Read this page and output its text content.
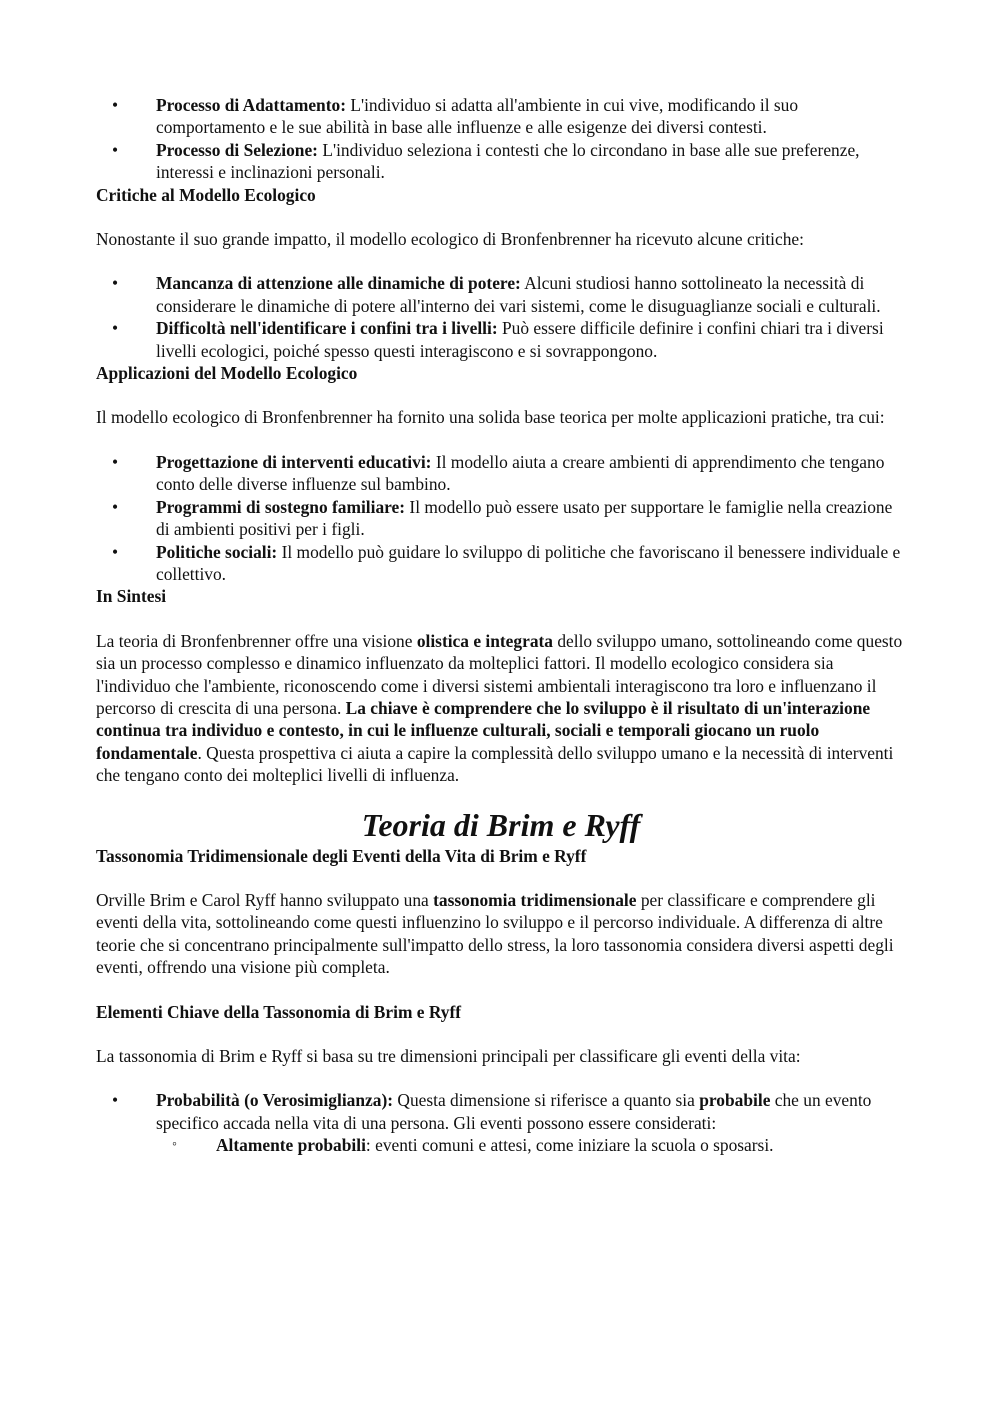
• Processo di Adattamento: L'individuo si adatta all'ambiente in cui vive, modificando il suo comportamento e le sue abilità in base alle influenze e alle esigenze dei diversi contesti.
• Processo di Selezione: L'individuo seleziona i contesti che lo circondano in base alle sue preferenze, interessi e inclinazioni personali.

Critiche al Modello Ecologico

Nonostante il suo grande impatto, il modello ecologico di Bronfenbrenner ha ricevuto alcune critiche:

• Mancanza di attenzione alle dinamiche di potere: Alcuni studiosi hanno sottolineato la necessità di considerare le dinamiche di potere all'interno dei vari sistemi, come le disuguaglianze sociali e culturali.
• Difficoltà nell'identificare i confini tra i livelli: Può essere difficile definire i confini chiari tra i diversi livelli ecologici, poiché spesso questi interagiscono e si sovrappongono.

Applicazioni del Modello Ecologico

Il modello ecologico di Bronfenbrenner ha fornito una solida base teorica per molte applicazioni pratiche, tra cui:

• Progettazione di interventi educativi: Il modello aiuta a creare ambienti di apprendimento che tengano conto delle diverse influenze sul bambino.
• Programmi di sostegno familiare: Il modello può essere usato per supportare le famiglie nella creazione di ambienti positivi per i figli.
• Politiche sociali: Il modello può guidare lo sviluppo di politiche che favoriscano il benessere individuale e collettivo.

In Sintesi

La teoria di Bronfenbrenner offre una visione olistica e integrata dello sviluppo umano, sottolineando come questo sia un processo complesso e dinamico influenzato da molteplici fattori. Il modello ecologico considera sia l'individuo che l'ambiente, riconoscendo come i diversi sistemi ambientali interagiscono tra loro e influenzano il percorso di crescita di una persona. La chiave è comprendere che lo sviluppo è il risultato di un'interazione continua tra individuo e contesto, in cui le influenze culturali, sociali e temporali giocano un ruolo fondamentale. Questa prospettiva ci aiuta a capire la complessità dello sviluppo umano e la necessità di interventi che tengano conto dei molteplici livelli di influenza.

Teoria di Brim e Ryff

Tassonomia Tridimensionale degli Eventi della Vita di Brim e Ryff

Orville Brim e Carol Ryff hanno sviluppato una tassonomia tridimensionale per classificare e comprendere gli eventi della vita, sottolineando come questi influenzino lo sviluppo e il percorso individuale. A differenza di altre teorie che si concentrano principalmente sull'impatto dello stress, la loro tassonomia considera diversi aspetti degli eventi, offrendo una visione più completa.

Elementi Chiave della Tassonomia di Brim e Ryff

La tassonomia di Brim e Ryff si basa su tre dimensioni principali per classificare gli eventi della vita:

• Probabilità (o Verosimiglianza): Questa dimensione si riferisce a quanto sia probabile che un evento specifico accada nella vita di una persona. Gli eventi possono essere considerati:
◦ Altamente probabili: eventi comuni e attesi, come iniziare la scuola o sposarsi.
